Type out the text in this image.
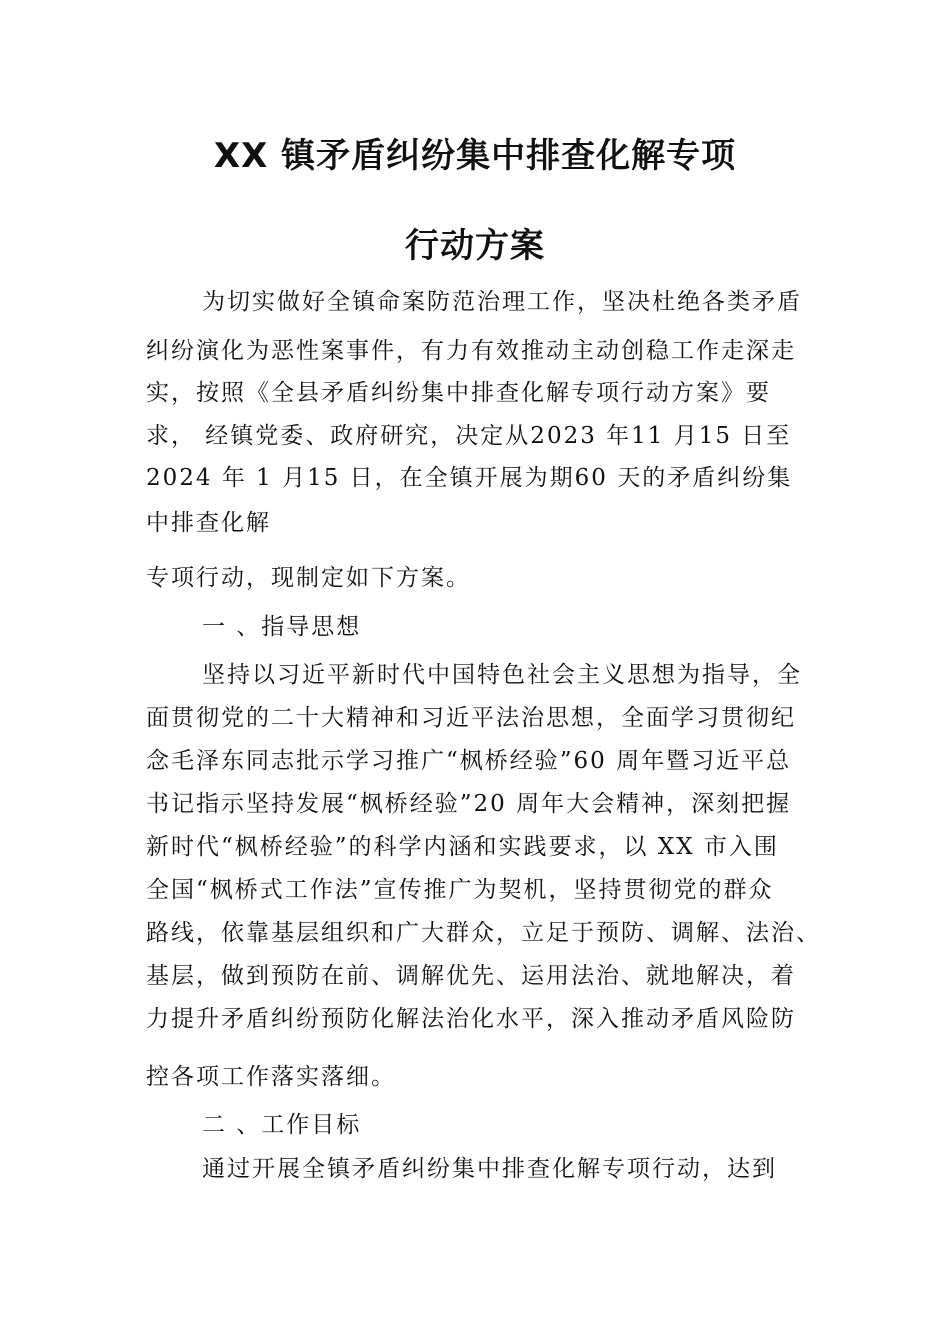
XX 镇矛盾纠纷集中排查化解专项
行动方案
为切实做好全镇命案防范治理工作，坚决杜绝各类矛盾
纠纷演化为恶性案事件，有力有效推动主动创稳工作走深走
实，按照《全县矛盾纠纷集中排查化解专项行动方案》要
求， 经镇党委、政府研究，决定从2023 年11 月15 日至
2024 年 1 月15 日，在全镇开展为期60 天的矛盾纠纷集
中排查化解
专项行动，现制定如下方案。
一 、指导思想
坚持以习近平新时代中国特色社会主义思想为指导，全
面贯彻党的二十大精神和习近平法治思想，全面学习贯彻纪
念毛泽东同志批示学习推广“枫桥经验”60 周年暨习近平总
书记指示坚持发展“枫桥经验”20 周年大会精神，深刻把握
新时代“枫桥经验”的科学内涵和实践要求，以 XX 市入围
全国“枫桥式工作法”宣传推广为契机，坚持贯彻党的群众
路线，依靠基层组织和广大群众，立足于预防、调解、法治、
基层，做到预防在前、调解优先、运用法治、就地解决，着
力提升矛盾纠纷预防化解法治化水平，深入推动矛盾风险防
控各项工作落实落细。
二 、工作目标
通过开展全镇矛盾纠纷集中排查化解专项行动，达到
